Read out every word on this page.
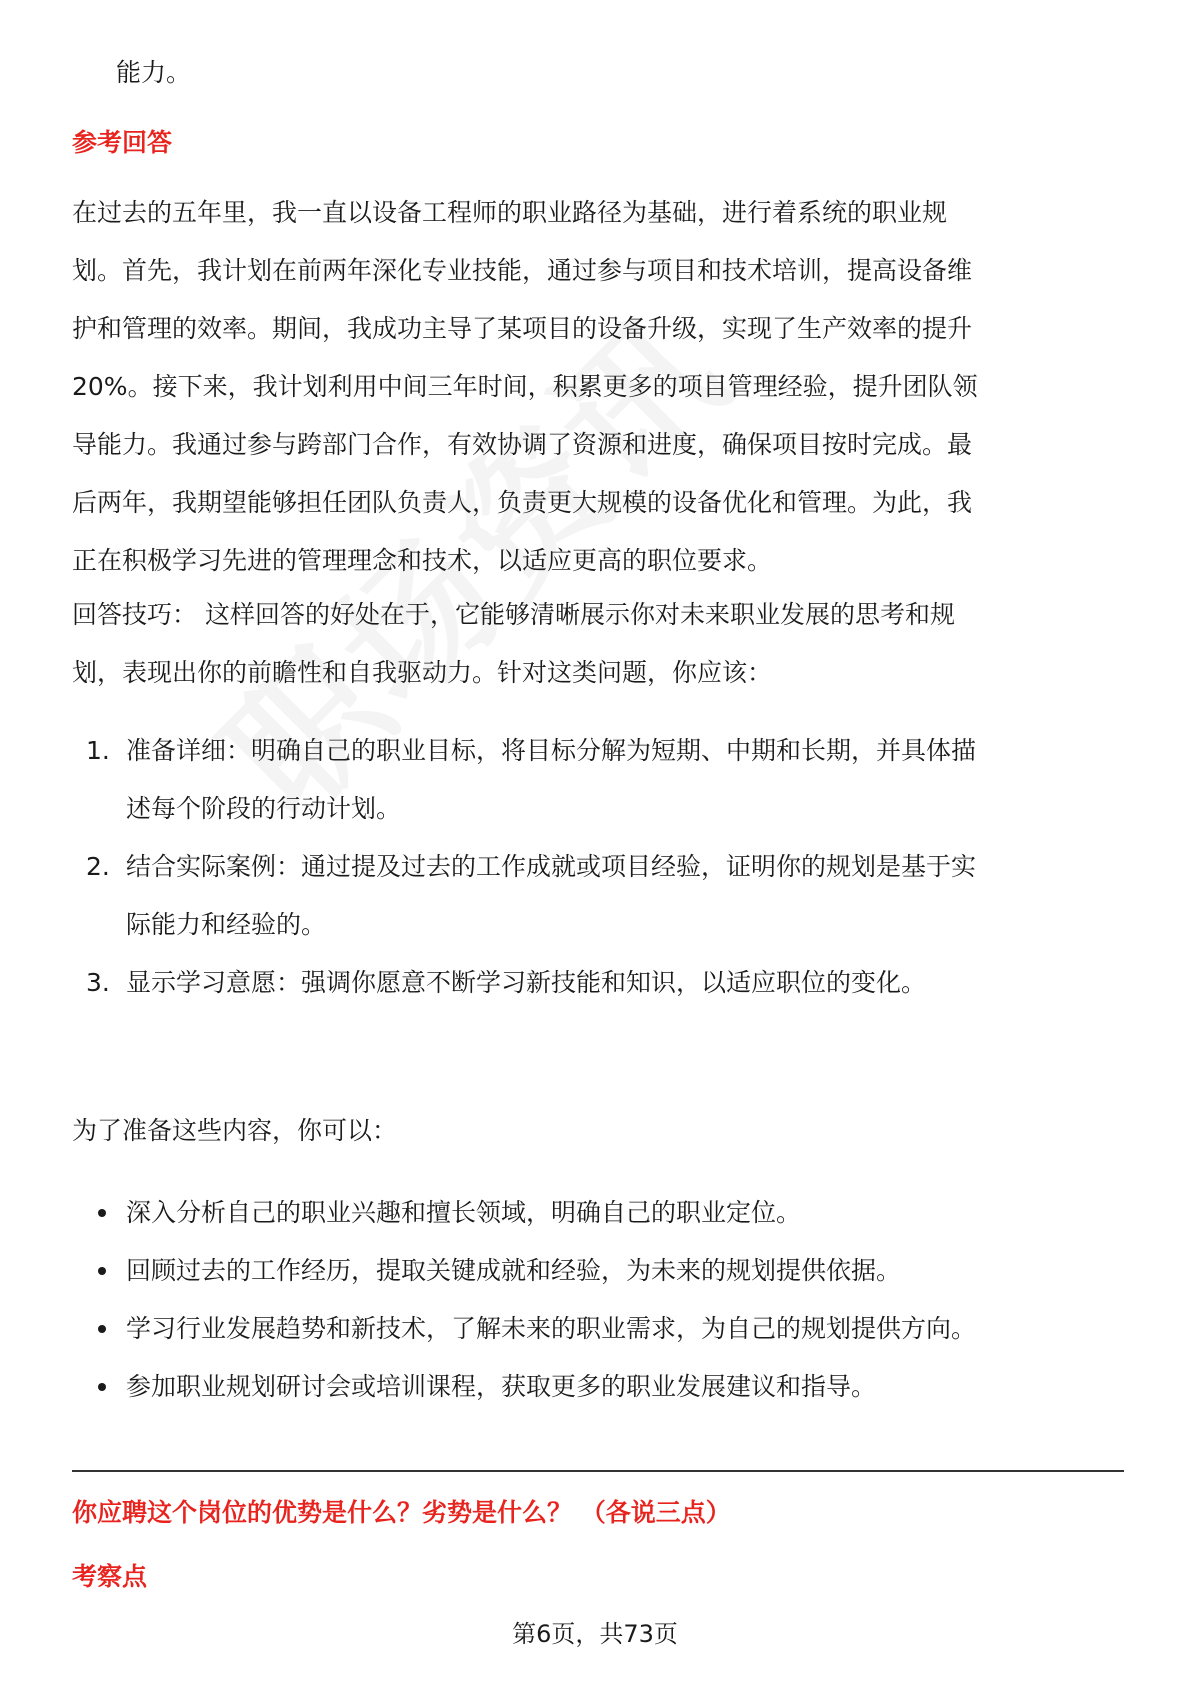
能力。

参考回答

在过去的五年里，我一直以设备工程师的职业路径为基础，进行着系统的职业规
划。首先，我计划在前两年深化专业技能，通过参与项目和技术培训，提高设备维
护和管理的效率。期间，我成功主导了某项目的设备升级，实现了生产效率的提升
20%。接下来，我计划利用中间三年时间，积累更多的项目管理经验，提升团队领
导能力。我通过参与跨部门合作，有效协调了资源和进度，确保项目按时完成。最
后两年，我期望能够担任团队负责人，负责更大规模的设备优化和管理。为此，我
正在积极学习先进的管理理念和技术，以适应更高的职位要求。
回答技巧： 这样回答的好处在于，它能够清晰展示你对未来职业发展的思考和规
划，表现出你的前瞻性和自我驱动力。针对这类问题，你应该：
1. 准备详细：明确自己的职业目标，将目标分解为短期、中期和长期，并具体描
述每个阶段的行动计划。
2. 结合实际案例：通过提及过去的工作成就或项目经验，证明你的规划是基于实
际能力和经验的。
3. 显示学习意愿：强调你愿意不断学习新技能和知识，以适应职位的变化。

为了准备这些内容，你可以：

深入分析自己的职业兴趣和擅长领域，明确自己的职业定位。
回顾过去的工作经历，提取关键成就和经验，为未来的规划提供依据。
学习行业发展趋势和新技术，了解未来的职业需求，为自己的规划提供方向。
参加职业规划研讨会或培训课程，获取更多的职业发展建议和指导。

你应聘这个岗位的优势是什么？劣势是什么？ （各说三点）

考察点

第6页，共73页
